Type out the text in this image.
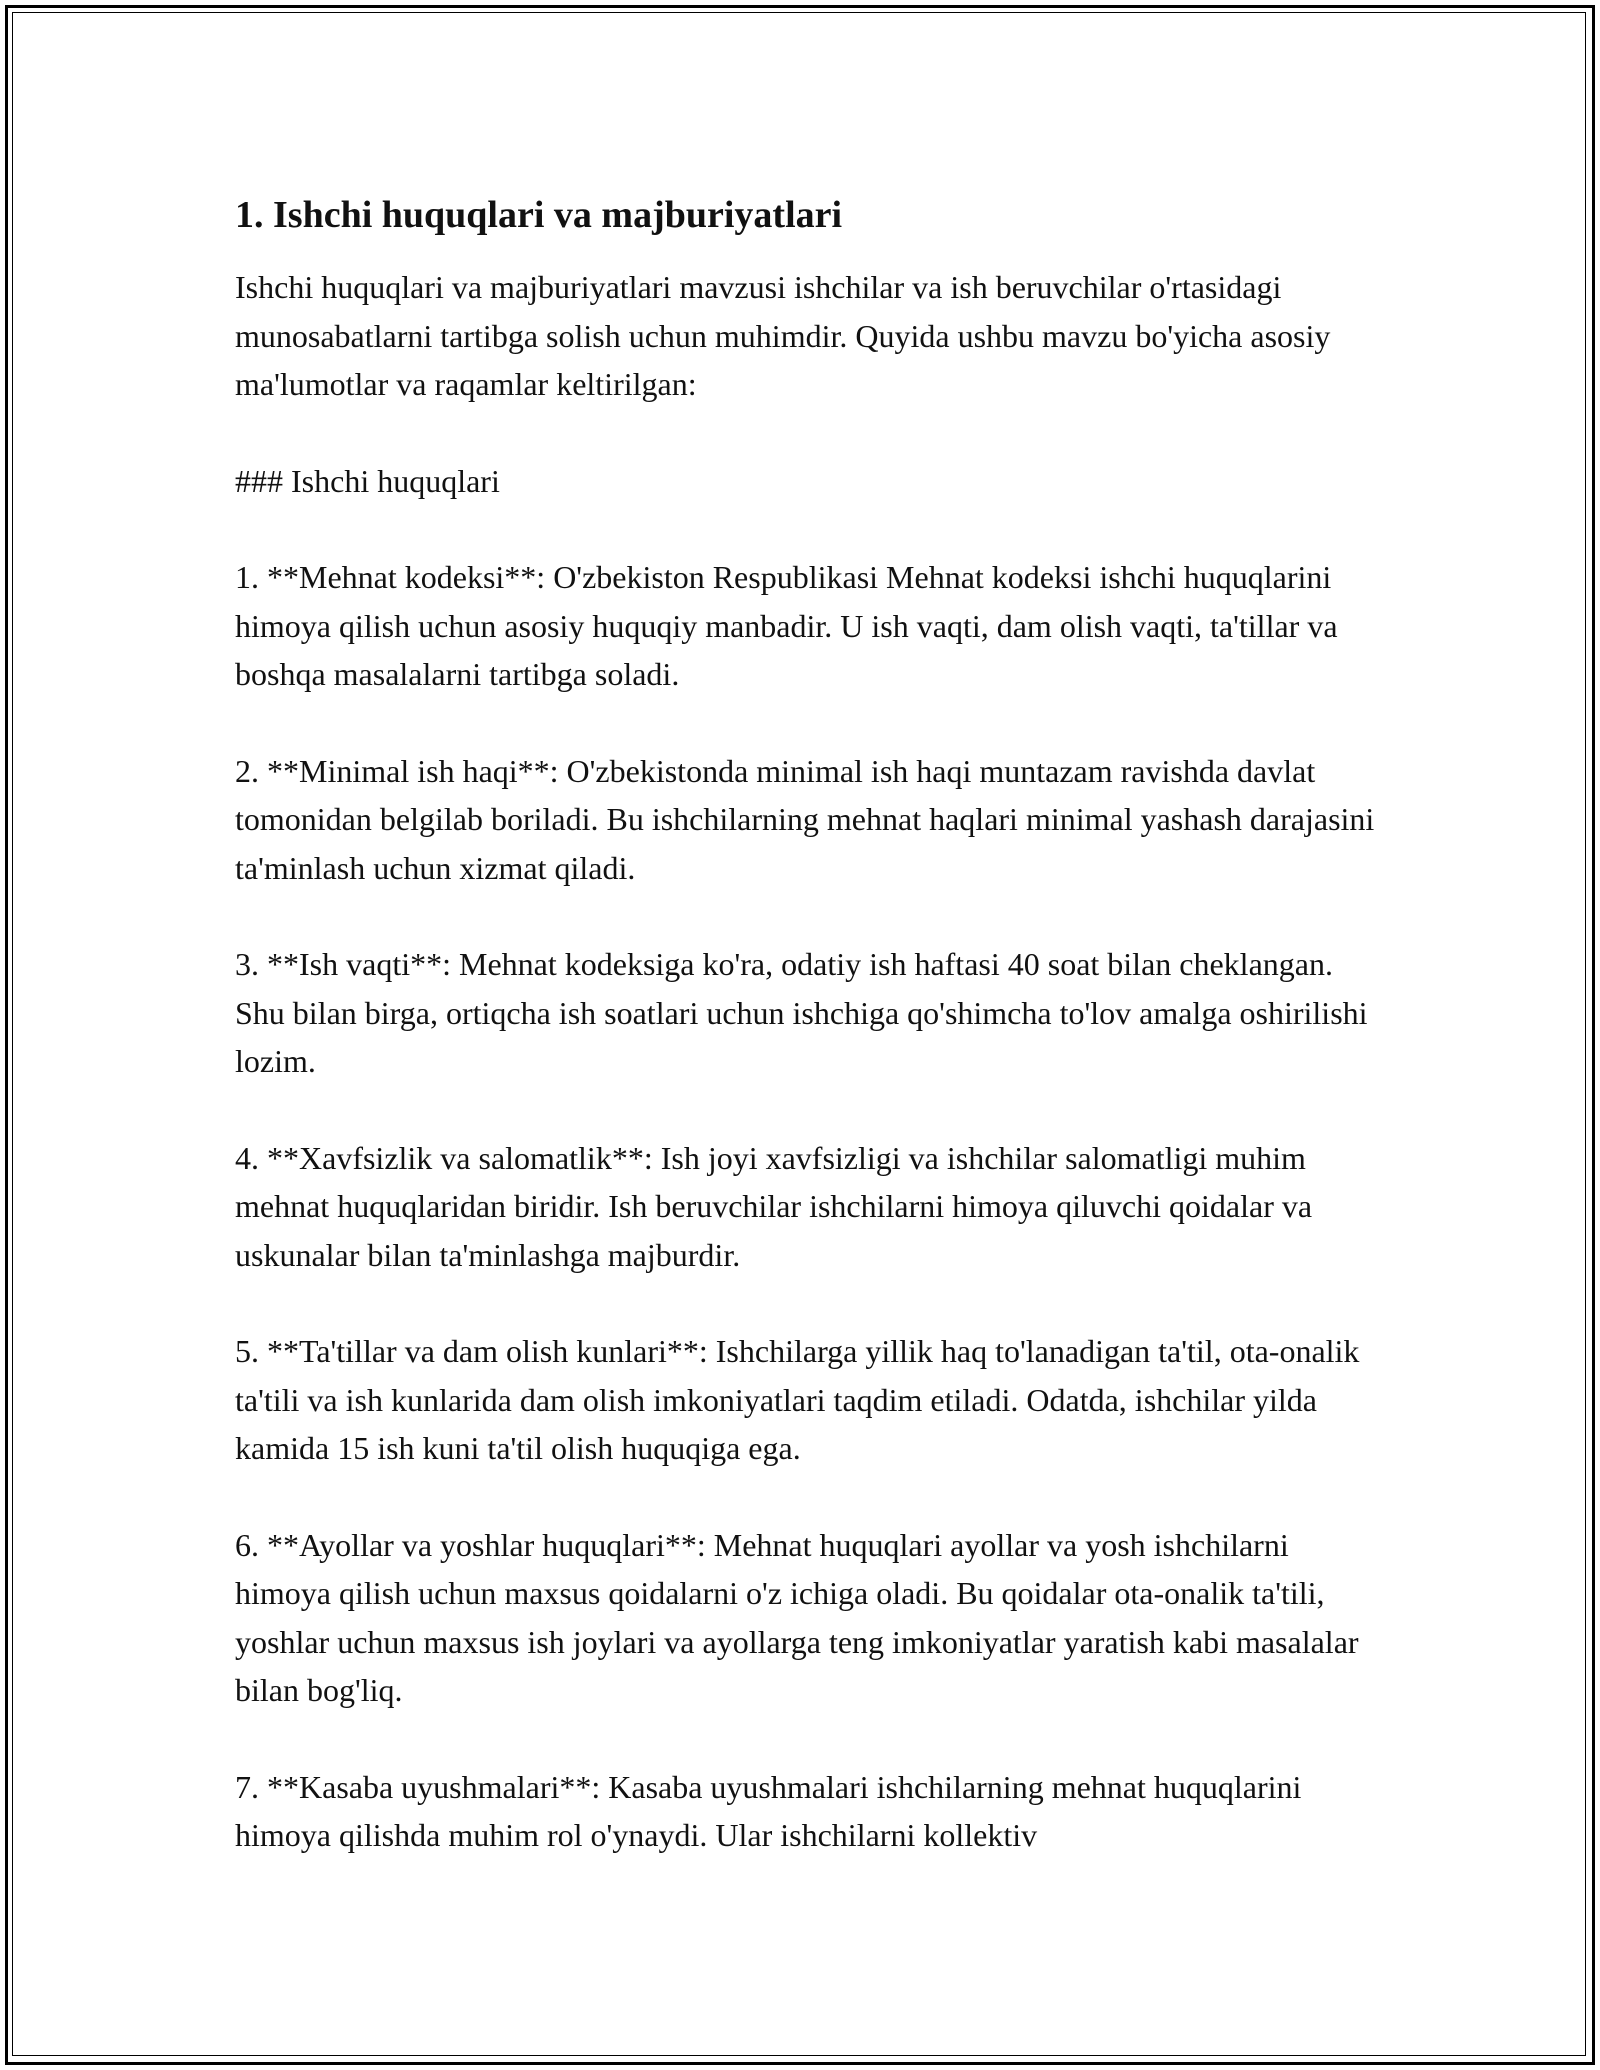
1. Ishchi huquqlari va majburiyatlari

Ishchi huquqlari va majburiyatlari mavzusi ishchilar va ish beruvchilar o'rtasidagi munosabatlarni tartibga solish uchun muhimdir. Quyida ushbu mavzu bo'yicha asosiy ma'lumotlar va raqamlar keltirilgan:

### Ishchi huquqlari

1. **Mehnat kodeksi**: O'zbekiston Respublikasi Mehnat kodeksi ishchi huquqlarini himoya qilish uchun asosiy huquqiy manbadir. U ish vaqti, dam olish vaqti, ta'tillar va boshqa masalalarni tartibga soladi.

2. **Minimal ish haqi**: O'zbekistonda minimal ish haqi muntazam ravishda davlat tomonidan belgilab boriladi. Bu ishchilarning mehnat haqlari minimal yashash darajasini ta'minlash uchun xizmat qiladi.

3. **Ish vaqti**: Mehnat kodeksiga ko'ra, odatiy ish haftasi 40 soat bilan cheklangan. Shu bilan birga, ortiqcha ish soatlari uchun ishchiga qo'shimcha to'lov amalga oshirilishi lozim.

4. **Xavfsizlik va salomatlik**: Ish joyi xavfsizligi va ishchilar salomatligi muhim mehnat huquqlaridan biridir. Ish beruvchilar ishchilarni himoya qiluvchi qoidalar va uskunalar bilan ta'minlashga majburdir.

5. **Ta'tillar va dam olish kunlari**: Ishchilarga yillik haq to'lanadigan ta'til, ota-onalik ta'tili va ish kunlarida dam olish imkoniyatlari taqdim etiladi. Odatda, ishchilar yilda kamida 15 ish kuni ta'til olish huquqiga ega.

6. **Ayollar va yoshlar huquqlari**: Mehnat huquqlari ayollar va yosh ishchilarni himoya qilish uchun maxsus qoidalarni o'z ichiga oladi. Bu qoidalar ota-onalik ta'tili, yoshlar uchun maxsus ish joylari va ayollarga teng imkoniyatlar yaratish kabi masalalar bilan bog'liq.

7. **Kasaba uyushmalari**: Kasaba uyushmalari ishchilarning mehnat huquqlarini himoya qilishda muhim rol o'ynaydi. Ular ishchilarni kollektiv
